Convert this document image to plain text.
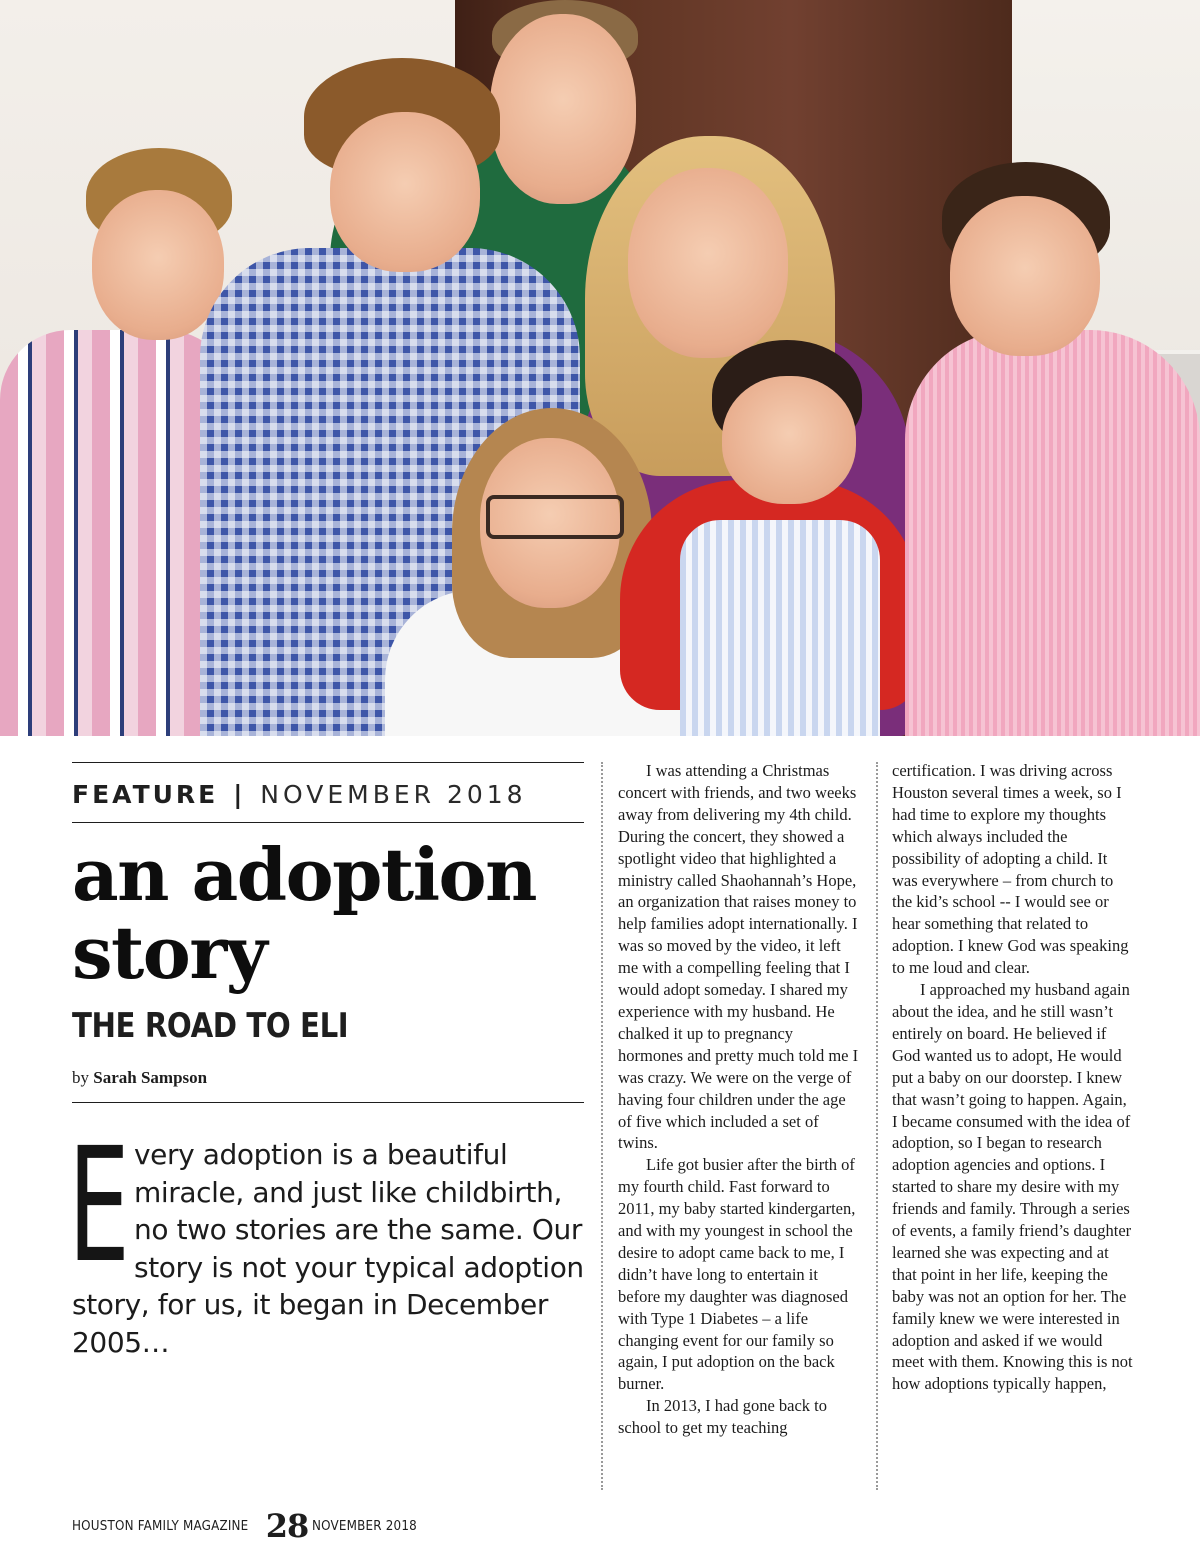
FEATURE | NOVEMBER 2018
an adoption
story
THE ROAD TO ELI
by Sarah Sampson

Every adoption is a beautiful miracle, and just like childbirth, no two stories are the same. Our story is not your typical adoption story, for us, it began in December 2005…

I was attending a Christmas concert with friends, and two weeks away from delivering my 4th child. During the concert, they showed a spotlight video that highlighted a ministry called Shaohannah’s Hope, an organization that raises money to help families adopt internationally. I was so moved by the video, it left me with a compelling feeling that I would adopt someday. I shared my experience with my husband. He chalked it up to pregnancy hormones and pretty much told me I was crazy. We were on the verge of having four children under the age of five which included a set of twins.

Life got busier after the birth of my fourth child. Fast forward to 2011, my baby started kindergarten, and with my youngest in school the desire to adopt came back to me, I didn’t have long to entertain it before my daughter was diagnosed with Type 1 Diabetes – a life changing event for our family so again, I put adoption on the back burner.

In 2013, I had gone back to school to get my teaching

certification. I was driving across Houston several times a week, so I had time to explore my thoughts which always included the possibility of adopting a child. It was everywhere – from church to the kid’s school -- I would see or hear something that related to adoption. I knew God was speaking to me loud and clear.

I approached my husband again about the idea, and he still wasn’t entirely on board. He believed if God wanted us to adopt, He would put a baby on our doorstep. I knew that wasn’t going to happen. Again, I became consumed with the idea of adoption, so I began to research adoption agencies and options. I started to share my desire with my friends and family. Through a series of events, a family friend’s daughter learned she was expecting and at that point in her life, keeping the baby was not an option for her. The family knew we were interested in adoption and asked if we would meet with them. Knowing this is not how adoptions typically happen,

HOUSTON FAMILY MAGAZINE 28 NOVEMBER 2018
